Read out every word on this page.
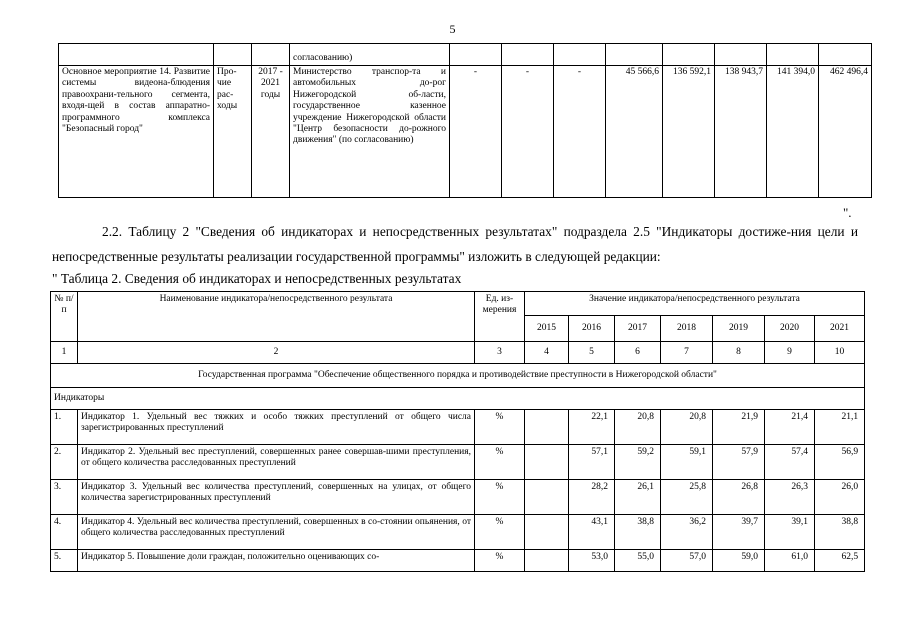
5
			согласованию)								
Основное мероприятие 14. Развитие системы видеона-блюдения правоохрани-тельного сегмента, входя-щей в состав аппаратно-программного комплекса "Безопасный город"	Про-чие рас-ходы	2017 - 2021 годы	Министерство транспор-та и автомобильных до-рог Нижегородской об-ласти, государственное казенное учреждение Нижегородской области "Центр безопасности до-рожного движения" (по согласованию)	-	-	-	45 566,6	136 592,1	138 943,7	141 394,0	462 496,4
".
2.2. Таблицу 2 "Сведения об индикаторах и непосредственных результатах" подраздела 2.5 "Индикаторы достиже-ния цели и непосредственные результаты реализации государственной программы" изложить в следующей редакции:
" Таблица 2. Сведения об индикаторах и непосредственных результатах
№ п/п	Наименование индикатора/непосредственного результата	Ед. из-мерения	Значение индикатора/непосредственного результата						
			2015	2016	2017	2018	2019	2020	2021
1	2	3	4	5	6	7	8	9	10
Государственная программа "Обеспечение общественного порядка и противодействие преступности в Нижегородской области"									
Индикаторы									
1.	Индикатор 1. Удельный вес тяжких и особо тяжких преступлений от общего числа зарегистрированных преступлений	%		22,1	20,8	20,8	21,9	21,4	21,1
2.	Индикатор 2. Удельный вес преступлений, совершенных ранее совершав-шими преступления, от общего количества расследованных преступлений	%		57,1	59,2	59,1	57,9	57,4	56,9
3.	Индикатор 3. Удельный вес количества преступлений, совершенных на улицах, от общего количества зарегистрированных преступлений	%		28,2	26,1	25,8	26,8	26,3	26,0
4.	Индикатор 4. Удельный вес количества преступлений, совершенных в со-стоянии опьянения, от общего количества расследованных преступлений	%		43,1	38,8	36,2	39,7	39,1	38,8
5.	Индикатор 5. Повышение доли граждан, положительно оценивающих со-	%		53,0	55,0	57,0	59,0	61,0	62,5
